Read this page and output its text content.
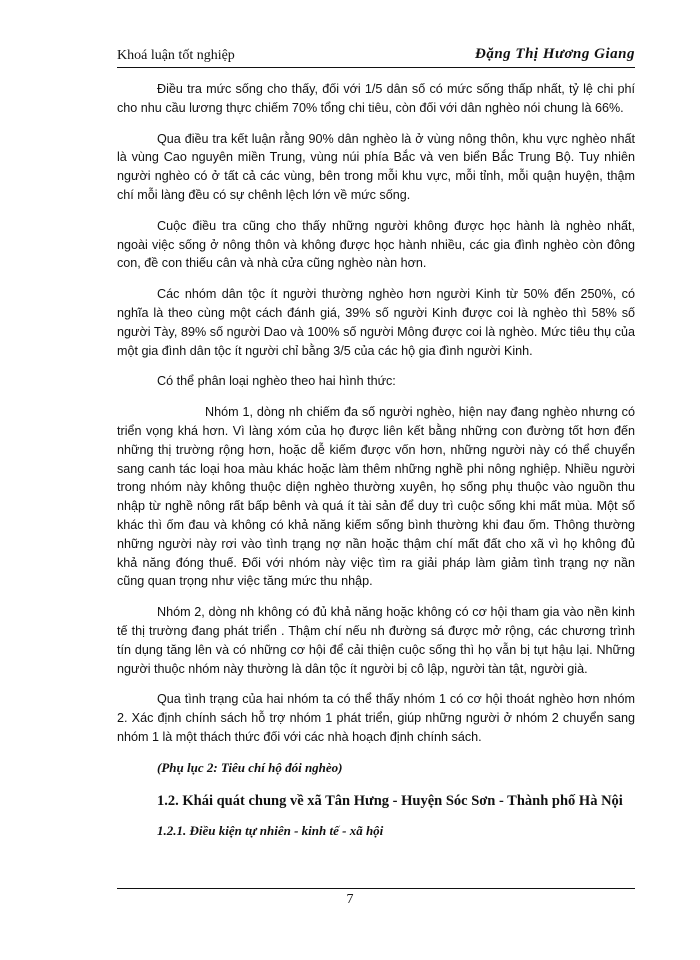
Khoá luận tốt nghiệp	Đặng Thị Hương Giang

Điều tra mức sống cho thấy, đối với 1/5 dân số có mức sống thấp nhất, tỷ lệ chi phí cho nhu cầu lương thực chiếm 70% tổng chi tiêu, còn đối với dân nghèo nói chung là 66%.

Qua điều tra kết luận rằng 90% dân nghèo là ở vùng nông thôn, khu vực nghèo nhất là vùng Cao nguyên miền Trung, vùng núi phía Bắc và ven biển Bắc Trung Bộ. Tuy nhiên người nghèo có ở tất cả các vùng, bên trong mỗi khu vực, mỗi tỉnh, mỗi quận huyện, thậm chí mỗi làng đều có sự chênh lệch lớn về mức sống.

Cuộc điều tra cũng cho thấy những người không được học hành là nghèo nhất, ngoài việc sống ở nông thôn và không được học hành nhiều, các gia đình nghèo còn đông con, đề con thiếu cân và nhà cửa cũng nghèo nàn hơn.

Các nhóm dân tộc ít người thường nghèo hơn người Kinh từ 50% đến 250%, có nghĩa là theo cùng một cách đánh giá, 39% số người Kinh được coi là nghèo thì 58% số người Tày, 89% số người Dao và 100% số người Mông được coi là nghèo. Mức tiêu thụ của một gia đình dân tộc ít người chỉ bằng 3/5 của các hộ gia đình người Kinh.

Có thể phân loại nghèo theo hai hình thức:

Nhóm 1, dòng nh chiếm đa số người nghèo, hiện nay đang nghèo nhưng có triển vọng khá hơn. Vì làng xóm của họ được liên kết bằng những con đường tốt hơn đến những thị trường rộng hơn, hoặc dễ kiếm được vốn hơn, những người này có thể chuyển sang canh tác loại hoa màu khác hoặc làm thêm những nghề phi nông nghiệp. Nhiều người trong nhóm này không thuộc diện nghèo thường xuyên, họ sống phụ thuộc vào nguồn thu nhập từ nghề nông rất bấp bênh và quá ít tài sản để duy trì cuộc sống khi mất mùa. Một số khác thì ốm đau và không có khả năng kiếm sống bình thường khi đau ốm. Thông thường những người này rơi vào tình trạng nợ nần hoặc thậm chí mất đất cho xã vì họ không đủ khả năng đóng thuế. Đối với nhóm này việc tìm ra giải pháp làm giảm tình trạng nợ nần cũng quan trọng như việc tăng mức thu nhập.

Nhóm 2, dòng nh không có đủ khả năng hoặc không có cơ hội tham gia vào nền kinh tế thị trường đang phát triển . Thậm chí nếu nh đường sá được mở rộng, các chương trình tín dụng tăng lên và có những cơ hội để cải thiện cuộc sống thì họ vẫn bị tụt hậu lại. Những người thuộc nhóm này thường là dân tộc ít người bị cô lập, người tàn tật, người già.

Qua tình trạng của hai nhóm ta có thể thấy nhóm 1 có cơ hội thoát nghèo hơn nhóm 2. Xác định chính sách hỗ trợ nhóm 1 phát triển, giúp những người ở nhóm 2 chuyển sang nhóm 1 là một thách thức đối với các nhà hoạch định chính sách.

(Phụ lục 2: Tiêu chí hộ đói nghèo)

1.2. Khái quát chung về xã Tân Hưng - Huyện Sóc Sơn - Thành phố Hà Nội

1.2.1. Điều kiện tự nhiên - kinh tế - xã hội

7
